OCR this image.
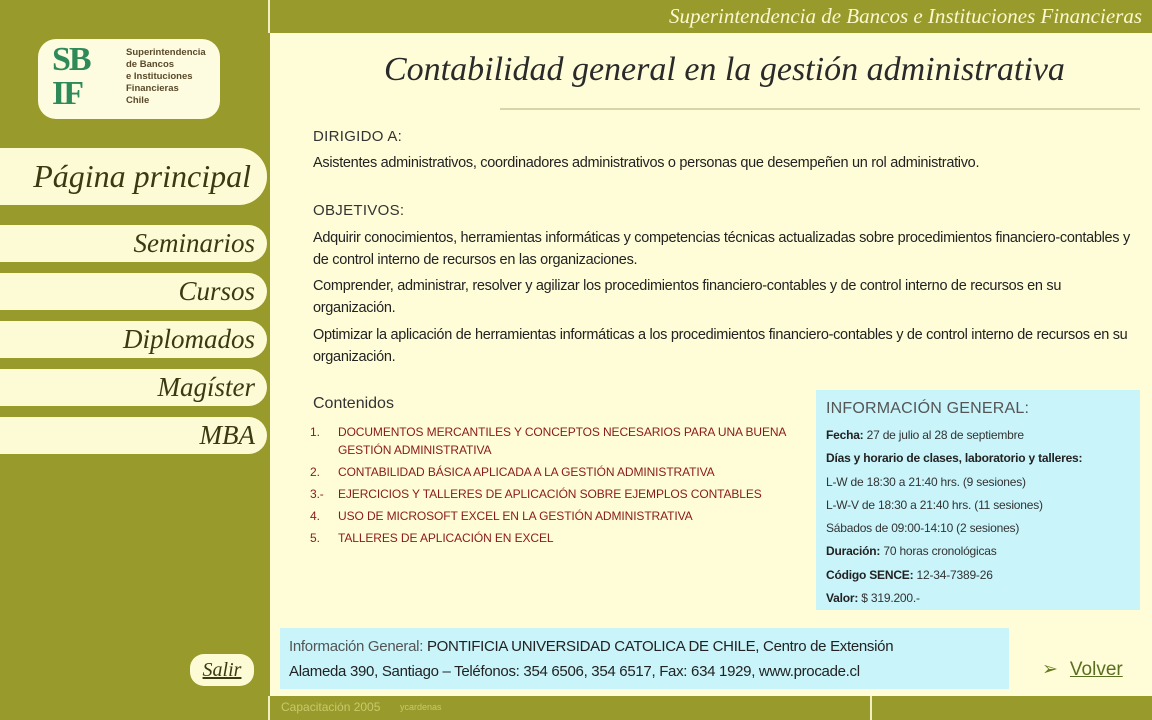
Superintendencia de Bancos e Instituciones Financieras
SB
IF
Superintendencia
de Bancos
e Instituciones
Financieras
Chile
Página principal
Seminarios
Cursos
Diplomados
Magíster
MBA
Salir
Contabilidad general en la gestión administrativa
DIRIGIDO A:
Asistentes administrativos, coordinadores administrativos o personas que desempeñen un rol administrativo.
OBJETIVOS:
Adquirir conocimientos, herramientas informáticas y competencias técnicas actualizadas sobre procedimientos financiero-contables y de control interno de recursos en las organizaciones.
Comprender, administrar, resolver y agilizar los procedimientos financiero-contables y de control interno de recursos en su organización.
Optimizar la aplicación de herramientas informáticas a los procedimientos financiero-contables y de control interno de recursos en su organización.
Contenidos
1.	DOCUMENTOS MERCANTILES Y CONCEPTOS NECESARIOS PARA UNA BUENA GESTIÓN ADMINISTRATIVA
2.	CONTABILIDAD BÁSICA APLICADA A LA GESTIÓN ADMINISTRATIVA
3.-	EJERCICIOS Y TALLERES DE APLICACIÓN SOBRE EJEMPLOS CONTABLES
4.	USO DE MICROSOFT EXCEL EN LA GESTIÓN ADMINISTRATIVA
5.	TALLERES DE APLICACIÓN EN EXCEL
INFORMACIÓN GENERAL:
Fecha: 27 de julio al 28 de septiembre
Días y horario de clases, laboratorio y talleres:
L-W de 18:30 a 21:40 hrs. (9 sesiones)
L-W-V de 18:30 a 21:40 hrs. (11 sesiones)
Sábados de 09:00-14:10 (2 sesiones)
Duración: 70 horas cronológicas
Código SENCE: 12-34-7389-26
Valor: $ 319.200.-
Información General: PONTIFICIA UNIVERSIDAD CATOLICA DE CHILE, Centro de Extensión
Alameda 390, Santiago – Teléfonos: 354 6506, 354 6517, Fax: 634 1929, www.procade.cl	➢ Volver
Capacitación 2005 ycardenas
